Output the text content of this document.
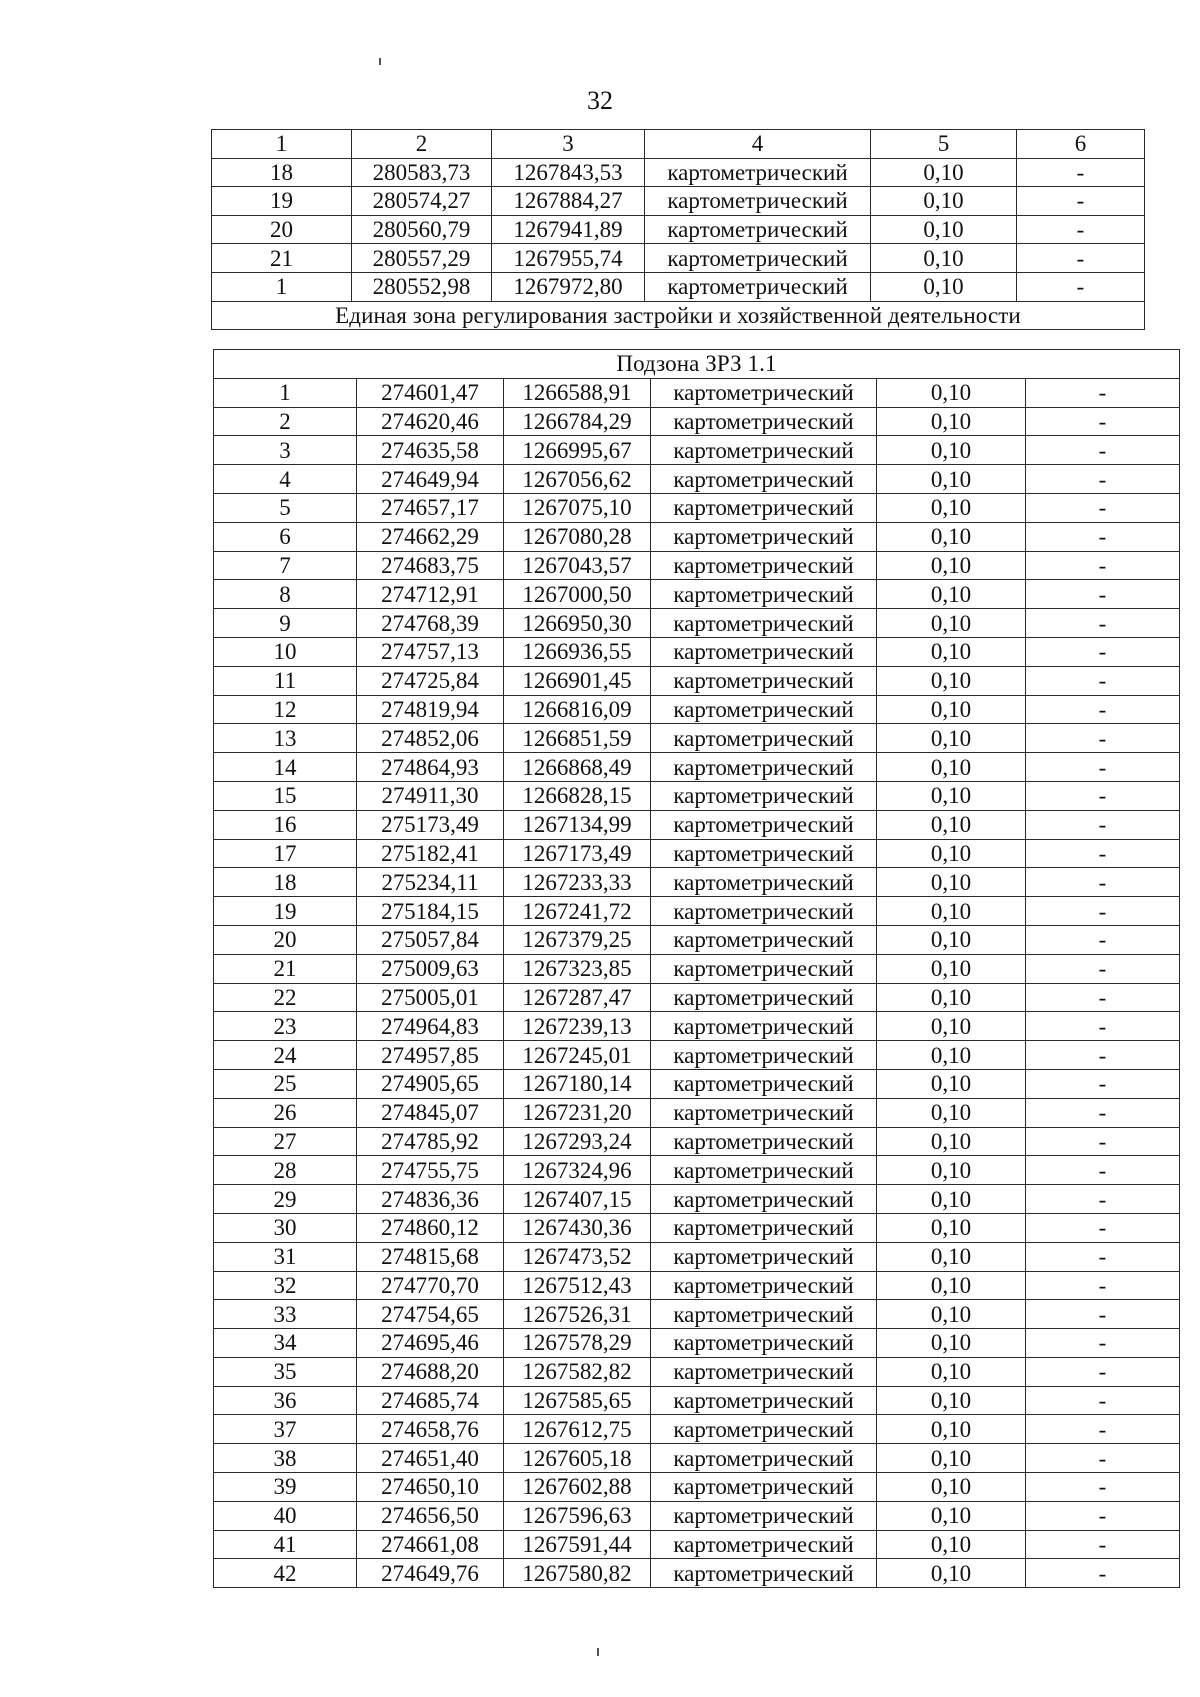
32
1	2	3	4	5	6
18	280583,73	1267843,53	картометрический	0,10	-
19	280574,27	1267884,27	картометрический	0,10	-
20	280560,79	1267941,89	картометрический	0,10	-
21	280557,29	1267955,74	картометрический	0,10	-
1	280552,98	1267972,80	картометрический	0,10	-
Единая зона регулирования застройки и хозяйственной деятельности					
Подзона ЗРЗ 1.1					
1	274601,47	1266588,91	картометрический	0,10	-
2	274620,46	1266784,29	картометрический	0,10	-
3	274635,58	1266995,67	картометрический	0,10	-
4	274649,94	1267056,62	картометрический	0,10	-
5	274657,17	1267075,10	картометрический	0,10	-
6	274662,29	1267080,28	картометрический	0,10	-
7	274683,75	1267043,57	картометрический	0,10	-
8	274712,91	1267000,50	картометрический	0,10	-
9	274768,39	1266950,30	картометрический	0,10	-
10	274757,13	1266936,55	картометрический	0,10	-
11	274725,84	1266901,45	картометрический	0,10	-
12	274819,94	1266816,09	картометрический	0,10	-
13	274852,06	1266851,59	картометрический	0,10	-
14	274864,93	1266868,49	картометрический	0,10	-
15	274911,30	1266828,15	картометрический	0,10	-
16	275173,49	1267134,99	картометрический	0,10	-
17	275182,41	1267173,49	картометрический	0,10	-
18	275234,11	1267233,33	картометрический	0,10	-
19	275184,15	1267241,72	картометрический	0,10	-
20	275057,84	1267379,25	картометрический	0,10	-
21	275009,63	1267323,85	картометрический	0,10	-
22	275005,01	1267287,47	картометрический	0,10	-
23	274964,83	1267239,13	картометрический	0,10	-
24	274957,85	1267245,01	картометрический	0,10	-
25	274905,65	1267180,14	картометрический	0,10	-
26	274845,07	1267231,20	картометрический	0,10	-
27	274785,92	1267293,24	картометрический	0,10	-
28	274755,75	1267324,96	картометрический	0,10	-
29	274836,36	1267407,15	картометрический	0,10	-
30	274860,12	1267430,36	картометрический	0,10	-
31	274815,68	1267473,52	картометрический	0,10	-
32	274770,70	1267512,43	картометрический	0,10	-
33	274754,65	1267526,31	картометрический	0,10	-
34	274695,46	1267578,29	картометрический	0,10	-
35	274688,20	1267582,82	картометрический	0,10	-
36	274685,74	1267585,65	картометрический	0,10	-
37	274658,76	1267612,75	картометрический	0,10	-
38	274651,40	1267605,18	картометрический	0,10	-
39	274650,10	1267602,88	картометрический	0,10	-
40	274656,50	1267596,63	картометрический	0,10	-
41	274661,08	1267591,44	картометрический	0,10	-
42	274649,76	1267580,82	картометрический	0,10	-
